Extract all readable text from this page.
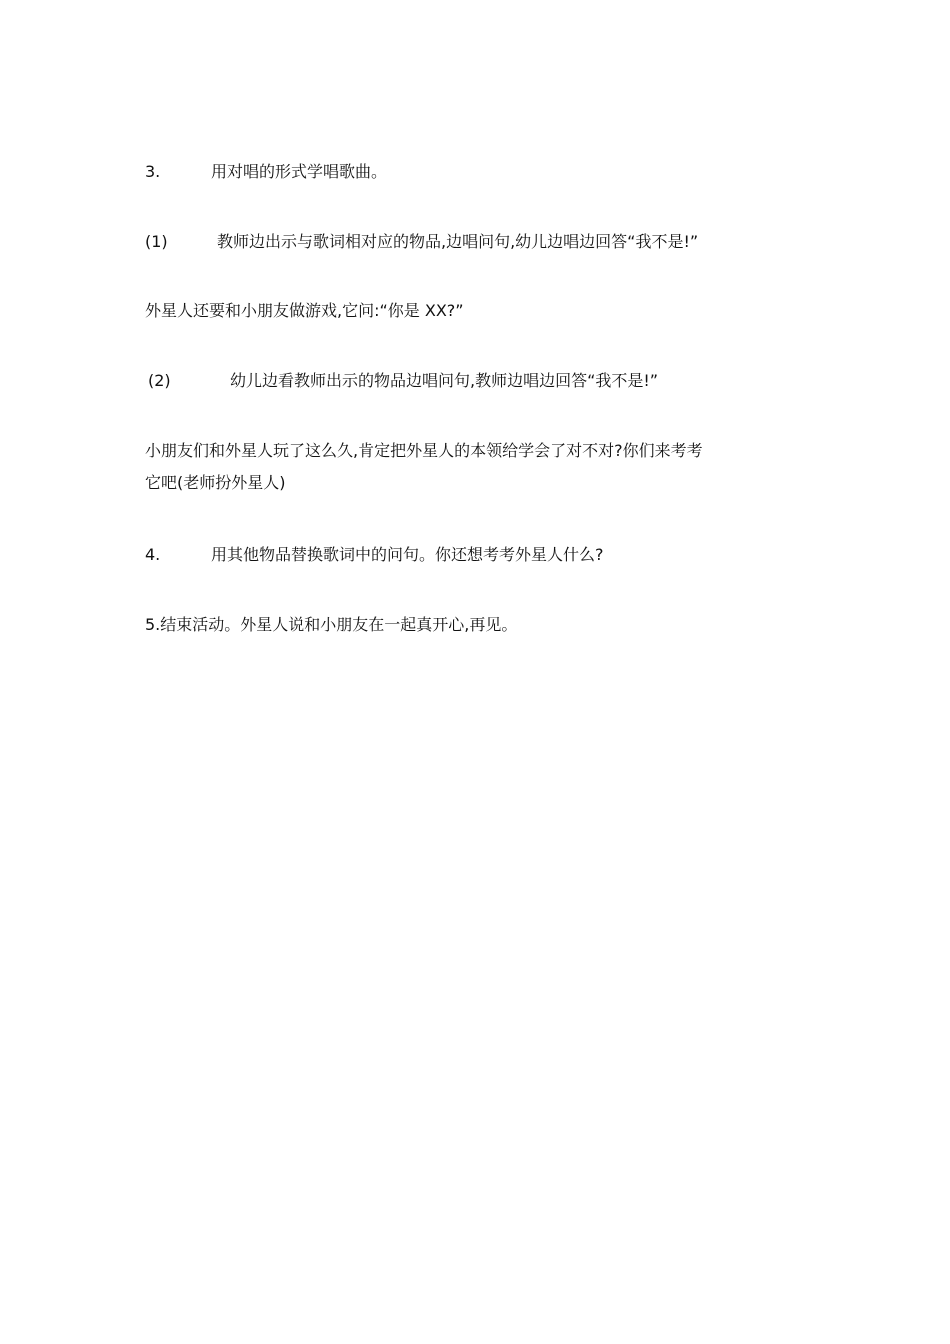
3.	用对唱的形式学唱歌曲。
(1)	教师边出示与歌词相对应的物品,边唱问句,幼儿边唱边回答“我不是!”
外星人还要和小朋友做游戏,它问:“你是 XX?”
(2)	幼儿边看教师出示的物品边唱问句,教师边唱边回答“我不是!”
小朋友们和外星人玩了这么久,肯定把外星人的本领给学会了对不对?你们来考考
它吧(老师扮外星人)
4.	用其他物品替换歌词中的问句。你还想考考外星人什么?
5.结束活动。外星人说和小朋友在一起真开心,再见。
